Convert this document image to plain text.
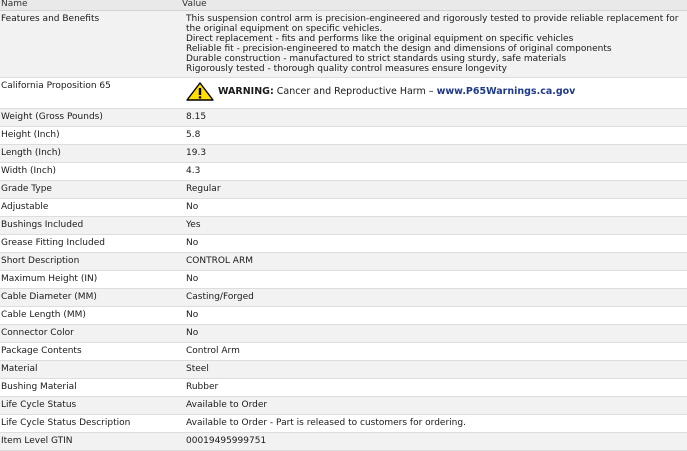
Name	Value
Features and Benefits	This suspension control arm is precision-engineered and rigorously tested to provide reliable replacement for the original equipment on specific vehicles.
Direct replacement - fits and performs like the original equipment on specific vehicles
Reliable fit - precision-engineered to match the design and dimensions of original components
Durable construction - manufactured to strict standards using sturdy, safe materials
Rigorously tested - thorough quality control measures ensure longevity

California Proposition 65	WARNING: Cancer and Reproductive Harm – www.P65Warnings.ca.gov

Weight (Gross Pounds)	8.15
Height (Inch)	5.8
Length (Inch)	19.3
Width (Inch)	4.3
Grade Type	Regular
Adjustable	No
Bushings Included	Yes
Grease Fitting Included	No
Short Description	CONTROL ARM
Maximum Height (IN)	No
Cable Diameter (MM)	Casting/Forged
Cable Length (MM)	No
Connector Color	No
Package Contents	Control Arm
Material	Steel
Bushing Material	Rubber
Life Cycle Status	Available to Order
Life Cycle Status Description	Available to Order - Part is released to customers for ordering.
Item Level GTIN	00019495999751
